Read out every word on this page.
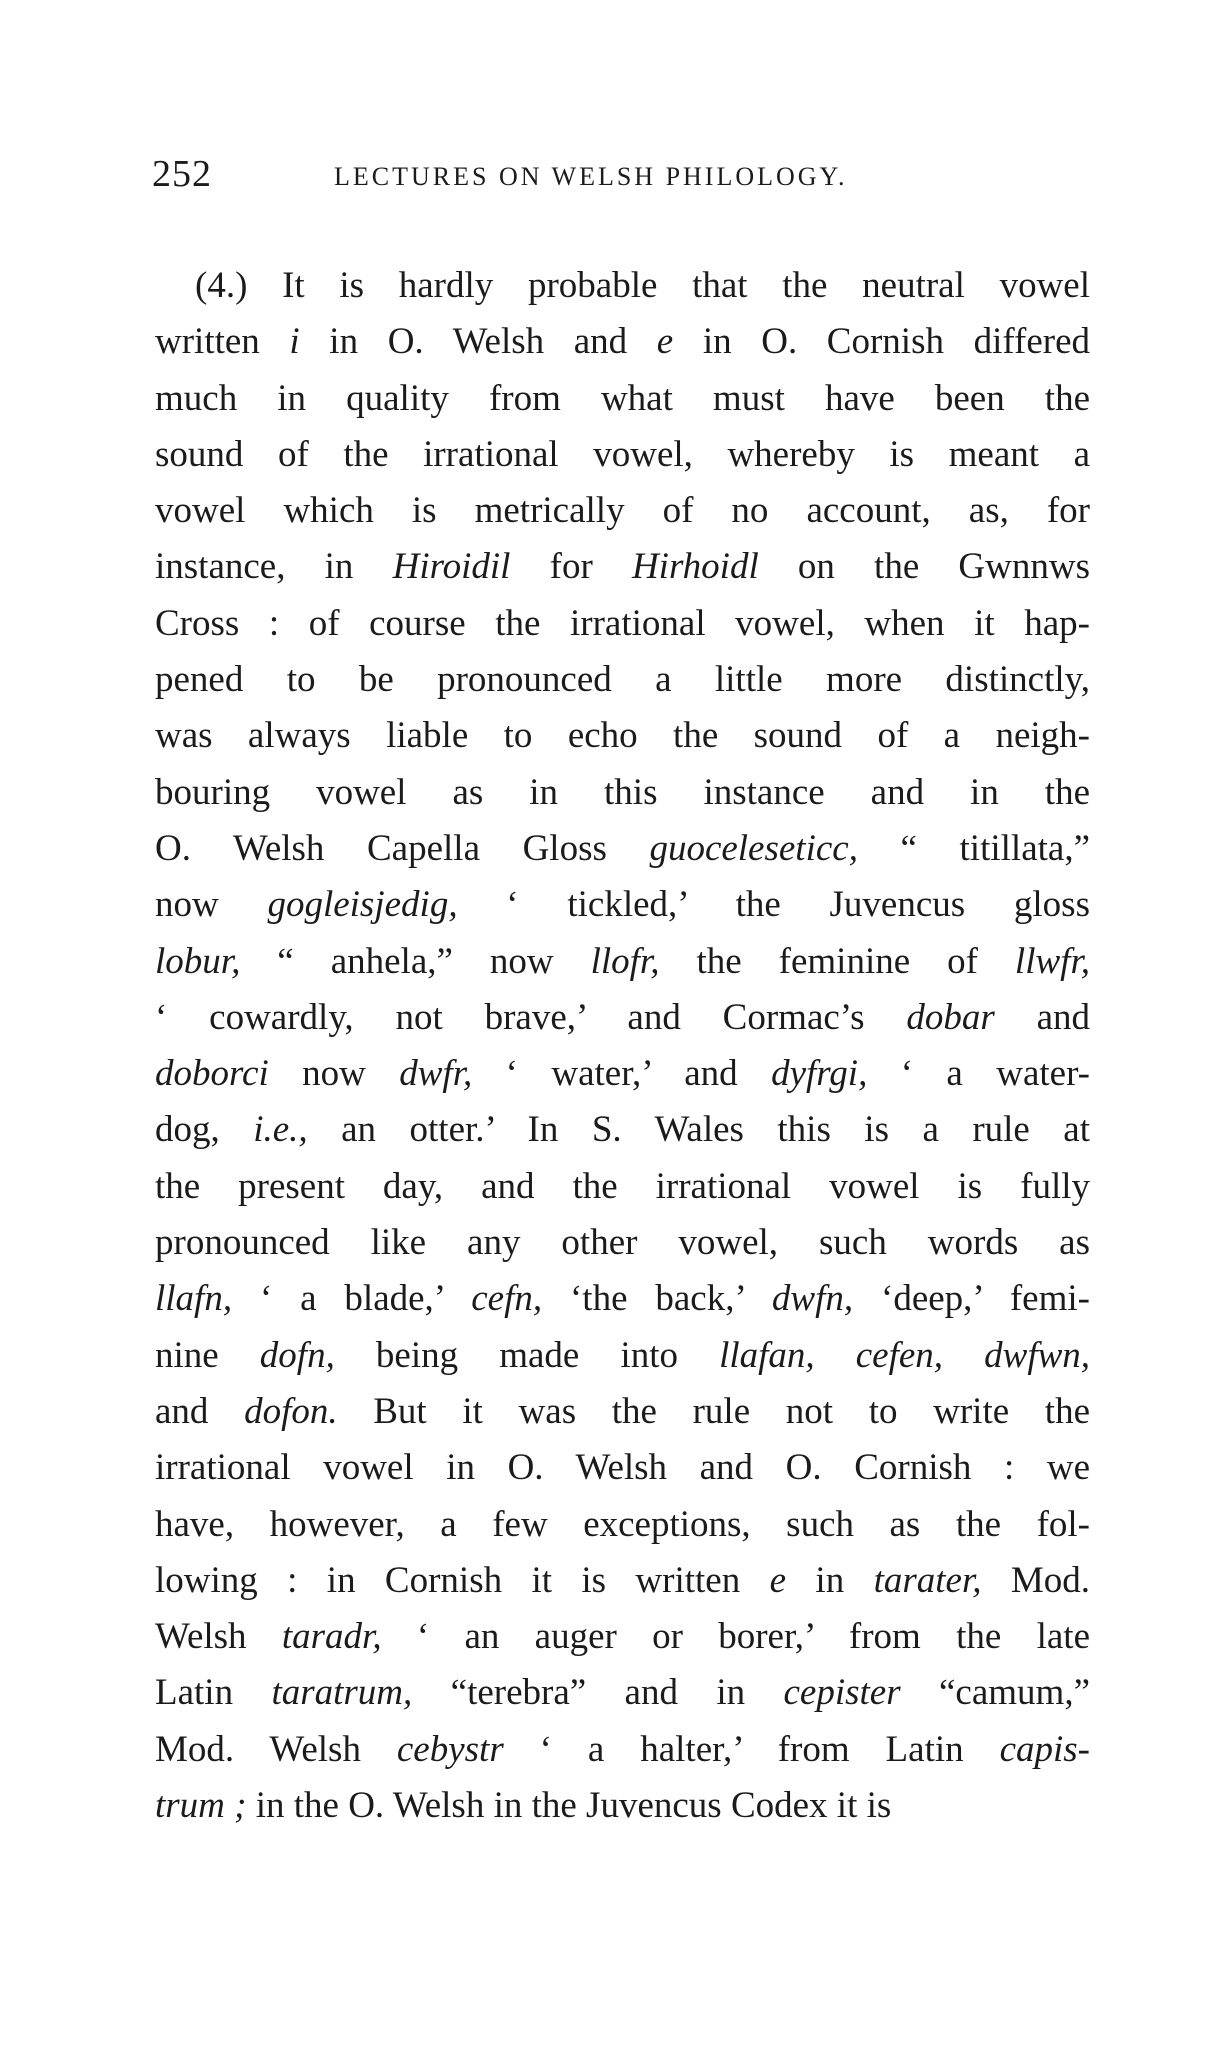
252	LECTURES ON WELSH PHILOLOGY.
(4.) It is hardly probable that the neutral vowel
written i in O. Welsh and e in O. Cornish differed
much in quality from what must have been the
sound of the irrational vowel, whereby is meant a
vowel which is metrically of no account, as, for
instance, in Hiroidil for Hirhoidl on the Gwnnws
Cross : of course the irrational vowel, when it hap-
pened to be pronounced a little more distinctly,
was always liable to echo the sound of a neigh-
bouring vowel as in this instance and in the
O. Welsh Capella Gloss guoceleseticc, “ titillata,”
now gogleisjedig, ‘ tickled,’ the Juvencus gloss
lobur, “ anhela,” now llofr, the feminine of llwfr,
‘ cowardly, not brave,’ and Cormac’s dobar and
doborci now dwfr, ‘ water,’ and dyfrgi, ‘ a water-
dog, i.e., an otter.’ In S. Wales this is a rule at
the present day, and the irrational vowel is fully
pronounced like any other vowel, such words as
llafn, ‘ a blade,’ cefn, ‘the back,’ dwfn, ‘deep,’ femi-
nine dofn, being made into llafan, cefen, dwfwn,
and dofon. But it was the rule not to write the
irrational vowel in O. Welsh and O. Cornish : we
have, however, a few exceptions, such as the fol-
lowing : in Cornish it is written e in tarater, Mod.
Welsh taradr, ‘ an auger or borer,’ from the late
Latin taratrum, “terebra” and in cepister “camum,”
Mod. Welsh cebystr ‘ a halter,’ from Latin capis-
trum ; in the O. Welsh in the Juvencus Codex it is
